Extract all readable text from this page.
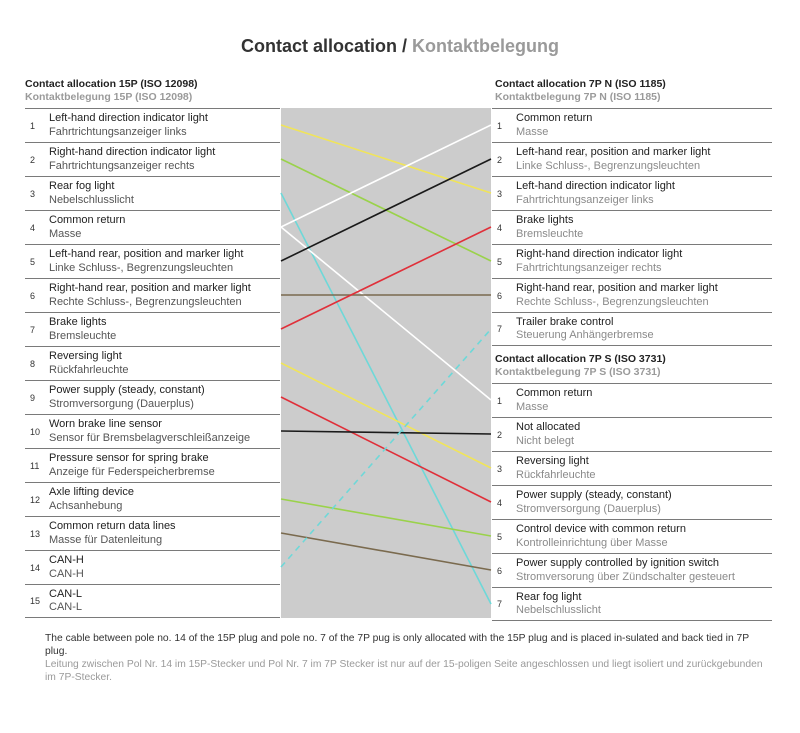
Contact allocation / Kontaktbelegung
Contact allocation 15P (ISO 12098)
Kontaktbelegung 15P (ISO 12098)
1
Left-hand direction indicator light
Fahrtrichtungsanzeiger links
2
Right-hand direction indicator light
Fahrtrichtungsanzeiger rechts
3
Rear fog light
Nebelschlusslicht
4
Common return
Masse
5
Left-hand rear, position and marker light
Linke Schluss-, Begrenzungsleuchten
6
Right-hand rear, position and marker light
Rechte Schluss-, Begrenzungsleuchten
7
Brake lights
Bremsleuchte
8
Reversing light
Rückfahrleuchte
9
Power supply (steady, constant)
Stromversorgung (Dauerplus)
10
Worn brake line sensor
Sensor für Bremsbelagverschleißanzeige
11
Pressure sensor for spring brake
Anzeige für Federspeicherbremse
12
Axle lifting device
Achsanhebung
13
Common return data lines
Masse für Datenleitung
14
CAN-H
CAN-H
15
CAN-L
CAN-L
Contact allocation 7P N (ISO 1185)
Kontaktbelegung 7P N (ISO 1185)
1
Common return
Masse
2
Left-hand rear, position and marker light
Linke Schluss-, Begrenzungsleuchten
3
Left-hand direction indicator light
Fahrtrichtungsanzeiger links
4
Brake lights
Bremsleuchte
5
Right-hand direction indicator light
Fahrtrichtungsanzeiger rechts
6
Right-hand rear, position and marker light
Rechte Schluss-, Begrenzungsleuchten
7
Trailer brake control
Steuerung Anhängerbremse
Contact allocation 7P S (ISO 3731)
Kontaktbelegung 7P S (ISO 3731)
1
Common return
Masse
2
Not allocated
Nicht belegt
3
Reversing light
Rückfahrleuchte
4
Power supply (steady, constant)
Stromversorgung (Dauerplus)
5
Control device with common return
Kontrolleinrichtung über Masse
6
Power supply controlled by ignition switch
Stromversorung über Zündschalter gesteuert
7
Rear fog light
Nebelschlusslicht
The cable between pole no. 14 of the 15P plug and pole no. 7 of the 7P pug is only allocated with the 15P plug and is placed in-sulated and back tied in 7P plug.
Leitung zwischen Pol Nr. 14 im 15P-Stecker und Pol Nr. 7 im 7P Stecker ist nur auf der 15-poligen Seite angeschlossen und liegt isoliert und zurückgebunden im 7P-Stecker.
